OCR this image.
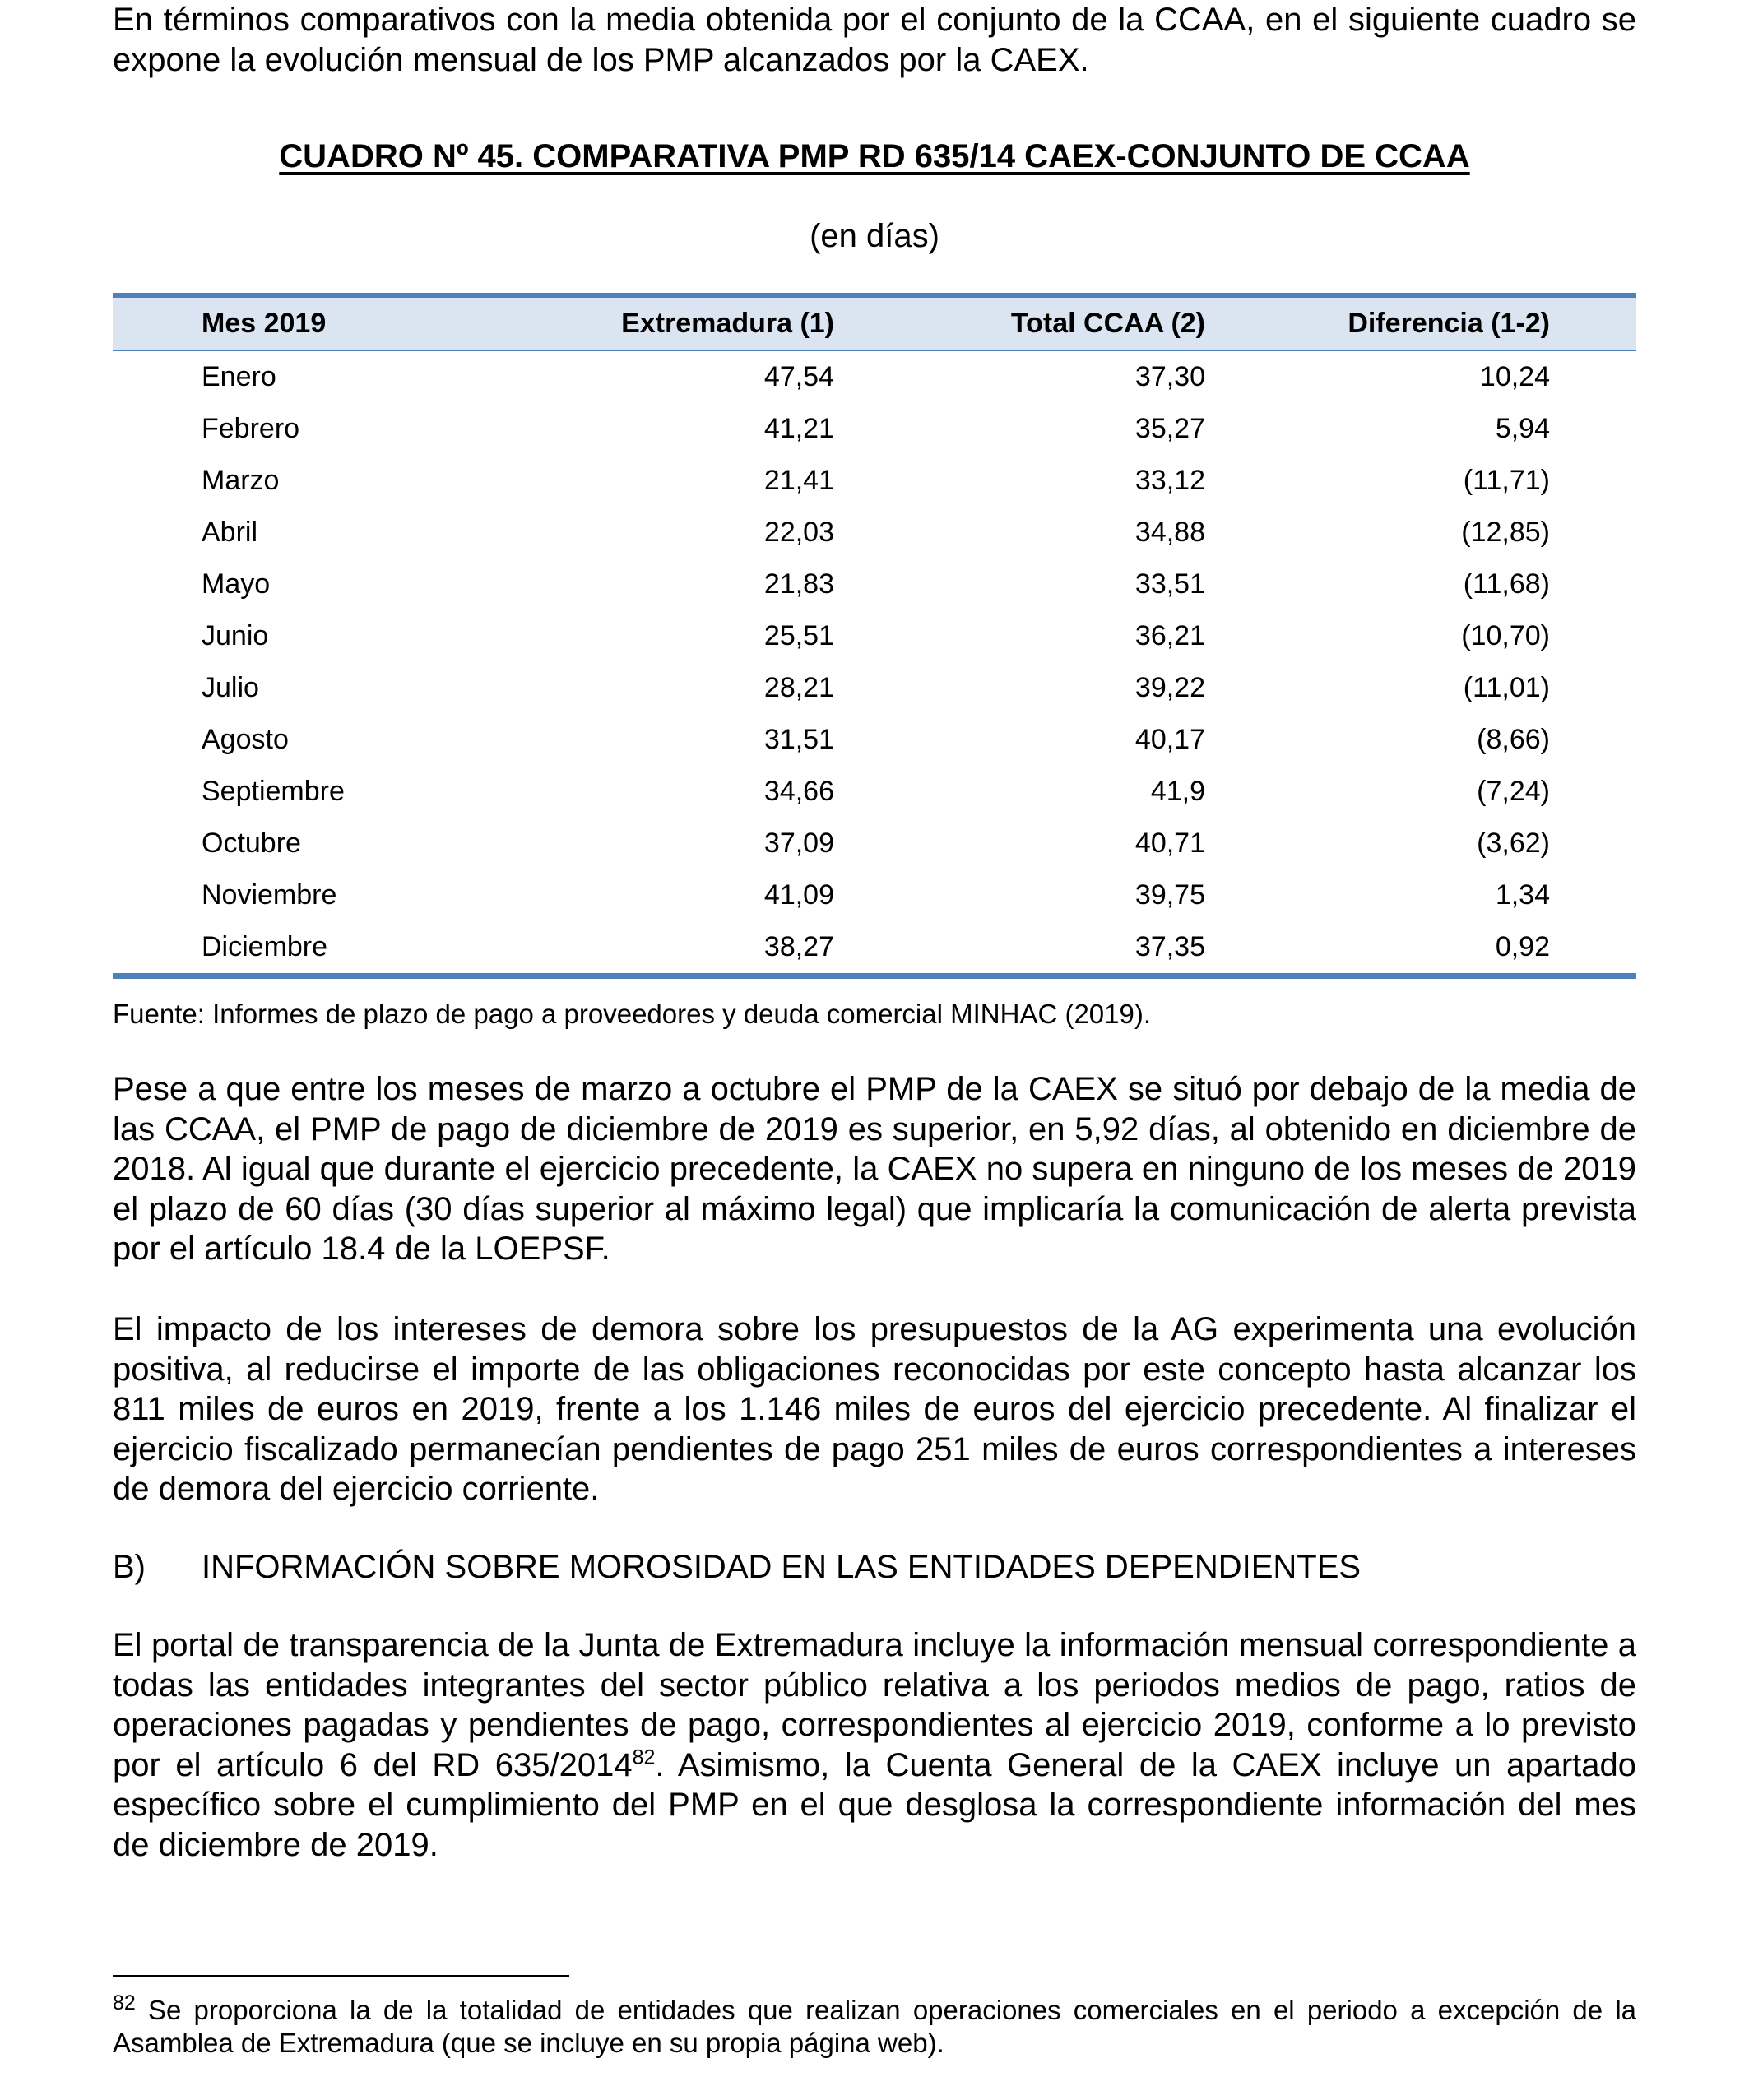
En términos comparativos con la media obtenida por el conjunto de la CCAA, en el siguiente cuadro se expone la evolución mensual de los PMP alcanzados por la CAEX.

CUADRO Nº 45. COMPARATIVA PMP RD 635/14 CAEX-CONJUNTO DE CCAA
(en días)
Mes 2019	Extremadura (1)	Total CCAA (2)	Diferencia (1-2)
Enero	47,54	37,30	10,24
Febrero	41,21	35,27	5,94
Marzo	21,41	33,12	(11,71)
Abril	22,03	34,88	(12,85)
Mayo	21,83	33,51	(11,68)
Junio	25,51	36,21	(10,70)
Julio	28,21	39,22	(11,01)
Agosto	31,51	40,17	(8,66)
Septiembre	34,66	41,9	(7,24)
Octubre	37,09	40,71	(3,62)
Noviembre	41,09	39,75	1,34
Diciembre	38,27	37,35	0,92
Fuente: Informes de plazo de pago a proveedores y deuda comercial MINHAC (2019).

Pese a que entre los meses de marzo a octubre el PMP de la CAEX se situó por debajo de la media de las CCAA, el PMP de pago de diciembre de 2019 es superior, en 5,92 días, al obtenido en diciembre de 2018. Al igual que durante el ejercicio precedente, la CAEX no supera en ninguno de los meses de 2019 el plazo de 60 días (30 días superior al máximo legal) que implicaría la comunicación de alerta prevista por el artículo 18.4 de la LOEPSF.

El impacto de los intereses de demora sobre los presupuestos de la AG experimenta una evolución positiva, al reducirse el importe de las obligaciones reconocidas por este concepto hasta alcanzar los 811 miles de euros en 2019, frente a los 1.146 miles de euros del ejercicio precedente. Al finalizar el ejercicio fiscalizado permanecían pendientes de pago 251 miles de euros correspondientes a intereses de demora del ejercicio corriente.

B) INFORMACIÓN SOBRE MOROSIDAD EN LAS ENTIDADES DEPENDIENTES

El portal de transparencia de la Junta de Extremadura incluye la información mensual correspondiente a todas las entidades integrantes del sector público relativa a los periodos medios de pago, ratios de operaciones pagadas y pendientes de pago, correspondientes al ejercicio 2019, conforme a lo previsto por el artículo 6 del RD 635/2014$^{82}$. Asimismo, la Cuenta General de la CAEX incluye un apartado específico sobre el cumplimiento del PMP en el que desglosa la correspondiente información del mes de diciembre de 2019.

$^{82}$ Se proporciona la de la totalidad de entidades que realizan operaciones comerciales en el periodo a excepción de la Asamblea de Extremadura (que se incluye en su propia página web).
